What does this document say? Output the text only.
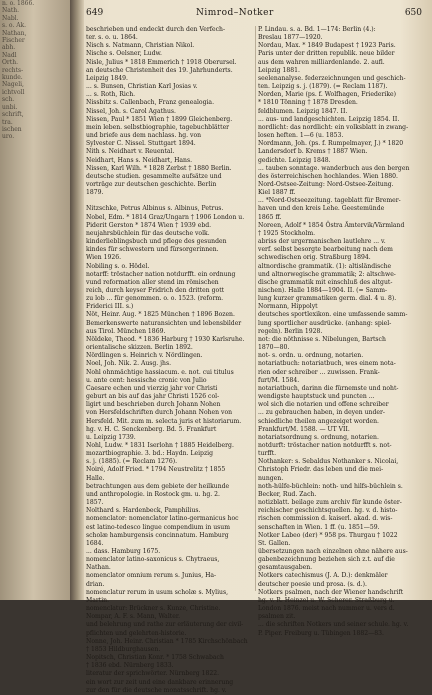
n. o. 1866.
Nath.
Nabl.
s. o. Ak.
Nathan,
Fischer
abh.
Nadl
Orth.
rechts-
kunde.
Nageli,
ichtvoll
sch.
unbi.
schrift,
tra.
ischen
uro.
649	Nimrod–Notker	650
beschrieben und endeckt durch den Verfech-
ter. s. o. u. 1864.
Nisch s. Natmann, Christian Nikol.
Nische s. Oelsner, Ludw.
Nisle, Julius * 1818 Emmerich † 1918 Oberursel.
an deutsche Christenheit des 19. Jahrhunderts.
Leipzig 1849.
... s. Bunsen, Christian Karl Josias v.
... s. Roth, Rich.
Nissbitz s. Callenbach, Franz genealogia.
Nissel, Joh. s. Carol Agathus.
Nissen, Paul * 1851 Wien † 1899 Gleichenberg.
mein leben. selbstbiographie, tagebuchblätter
und briefe aus dem nachlass. hg. von
Sylvester C. Nissel. Stuttgart 1894.
Nith s. Neidhart v. Reuental.
Neidhart, Hans s. Neidhart, Hans.
Nissen, Karl Wilh. * 1828 Zerbst † 1880 Berlin.
deutsche studien. gesammelte aufsätze und
vorträge zur deutschen geschichte. Berlin
1879.

Nitzschke, Petrus Albinus s. Albinus, Petrus.
Nobel, Edm. * 1814 Graz/Ungarn † 1906 London u.
Piderit Gerston * 1874 Wien † 1939 ebd.
neujahrsbüchlein für das deutsche volk.
kinderlieblingsbuch und pflege des gesunden
kindes für schwestern und fürsorgerinnen.
Wien 1926.
Nobiling s. o. Hödel.
notarff: tröstacher nation notdurfft. ein ordnung
vund reformation aller stend im römischen
reich, durch keyser Fridrich den dritten gott
zu lob ... für genommen. o. o. 1523. (reform.
Friderici III. s.)
Nöt, Heinr. Aug. * 1825 München † 1896 Bozen.
Bemerkenswerte naturansichten und lebensbilder
aus Tirol. München 1869.
Nöldeke, Theod. * 1836 Harburg † 1930 Karlsruhe.
orientalische skizzen. Berlin 1892.
Nördlingen s. Heinrich v. Nördlingen.
Noel, Joh. Nik. 2. Ausg. jhs.
Nohl ohnmächtige hassiacum. e. not. cui titulus
u. ante cent: hessische cronic von Julio
Caesare echen und vierzig jahr vor Christi
geburt an bis auf das jahr Christi 1526 col-
ligirt und beschrieben durch Johann Nohen
von Hersfeldschriften durch Johann Nohen von
Hersfeld. Mit. zum m. selecta juris et historiarum.
hg. v. H. C. Senckenberg. Bd. 5. Frankfurt
u. Leipzig 1739.
Nohl, Ludw. * 1831 Iserlohn † 1885 Heidelberg.
mozartbiographie. 3. bd.: Haydn. Leipzig
s. j. (1885). (= Reclam 1276).
Noiré, Adolf Fried. * 1794 Neustrelitz † 1855
Halle.
betrachtungen aus dem gebiete der heilkunde
und anthropologie. in Rostock gm. u. hg. 2.
1857.
Nolthard s. Hardenbeck, Pamphilius.
nomenclator: nomenclator latino-germanicus hoc
est latino-tedesco lingue compendium in usum
scholæ hamburgensis concinnatum. Hamburg
1684.
... dass. Hamburg 1675.
nomenclator latino-saxonicus s. Chytraeus,
Nathan.
nomenclator omnium rerum s. Junius, Ha-
drian.
nomenclatur rerum in usum scholæ s. Mylius,
Martin.
nomenclatur: Brückner s. Kunze, Christine.
Nompar, A. F. s. Mann, Walter.
und belehrung und rathe zur erläuterung der civil-
pflichten und gelehrten-historie.
Nonne, Joh. Heinr. Christian * 1785 Kirchschönbach
† 1853 Hildburghausen.
Nopitsch, Christian Konr. * 1758 Schwabach
† 1836 ebd. Nürnberg 1833.
literatur der sprichwörter. Nürnberg 1822.
ein wort zur zeit und eine dankbare erinnerung
zur den für die deutsche monatsschrift. hg. v.
P. Lindau. s. a. Bd. 1—174: Berlin (4.):
Breslau 1877—1920.
Nordau, Max. * 1849 Budapest † 1923 Paris.
Paris unter der dritten republik. neue bilder
aus dem wahren milliardenlande. 2. aufl.
Leipzig 1881.
seelenanalyse. federzeichnungen und geschich-
ten. Leipzig s. j. (1879). (= Reclam 1187).
Norden, Marie (ps. f. Wolfhagen, Friederike)
* 1810 Tönning † 1878 Dresden.
feldblumen. Leipzig 1847. II.
... aus- und landgeschichten. Leipzig 1854. II.
nordlicht: das nordlicht: ein volksblatt in zwang-
losen heften. 1—6 (u. 1853.
Nordmann, Joh. (ps. f. Rumpelmayer, J.) * 1820
Landersdorf b. Krems † 1887 Wien.
gedichte. Leipzig 1848.
... tauben sonntage. wanderbuch aus den bergen
des österreichischen hochlandes. Wien 1880.
Nord-Ostsee-Zeitung: Nord-Ostsee-Zeitung.
Kiel 1887 ff.
... *Nord-Ostseezeitung. tageblatt für Bremer-
haven und den kreis Lehe. Geestemünde
1865 ff.
Noreen, Adolf * 1854 Östra Ämtervik/Värmland
† 1925 Stockholm.
abriss der urgermanischen lautlehre ... v.
verf. selbst besorgte bearbeitung nach dem
schwedischen orig. Straßburg 1894.
altnordische grammatik. (1): altisländische
und altnorwegische grammatik; 2: altschwe-
dische grammatik mit einschluß des altgut-
nischen). Halle 1884—1904. II. (= Samm-
lung kurzer grammatiken germ. dial. 4 u. 8).
Normann, Hippolyt
deutsches sportlexikon. eine umfassende samm-
lung sportlicher ausdrücke. (anhang: spiel-
regeln). Berlin 1928.
not: die nöthnisse s. Nibelungen, Bartsch
1870—80.
not- s. ordn. u. ordnung, notarien.
notariatbuch: notariatbuch, wes einem nota-
rien oder schreiber ... zuwissen. Frank-
furt/M. 1584.
notariatbuch, darinn die fürnemste und noht-
wendigste hauptstuck und puncten ...
wol sich die notarien und offene schreiber
... zu gebrauchen haben, in deyen under-
schiedliche theilen angezeiget worden.
Frankfurt/M. 1588. — UT VII.
notariatsordnung s. ordnung, notarien.
notdurft: tröstacher nation notdurfft s. not-
turfft.
Nothanker: s. Sebaldus Nothanker s. Nicolai,
Christoph Friedr. das leben und die mei-
nungen.
noth-hülfe-büchlein: noth- und hilfs-büchlein s.
Becker, Rud. Zach.
notizblatt. beilage zum archiv für kunde öster-
reichischer geschichtsquellen. hg. v. d. histo-
rischen commission d. kaiserl. akad. d. wis-
senschaften in Wien. 1 ff. (u. 1851—59.
Notker Labeo (der) * 958 ps. Thurgau † 1022
St. Gallen.
übersetzungen nach einzelnen ohne nähere aus-
gabenbezeichnung beziehen sich z.t. auf die
gesamtausgaben.
Notkers catechismus (J. A. D.): denkmäler
deutscher poesie und prosa. (s. d.).
Notkers psalmen, nach der Wiener handschrift
hg. v. R. Heinzel u. W. Scherer. Straßburg u.
London 1876. meist nach nummer u. vers d.
psalmen zit.
... die schriften Notkers und seiner schule. hg. v.
P. Piper. Freiburg u. Tübingen 1882—83.
